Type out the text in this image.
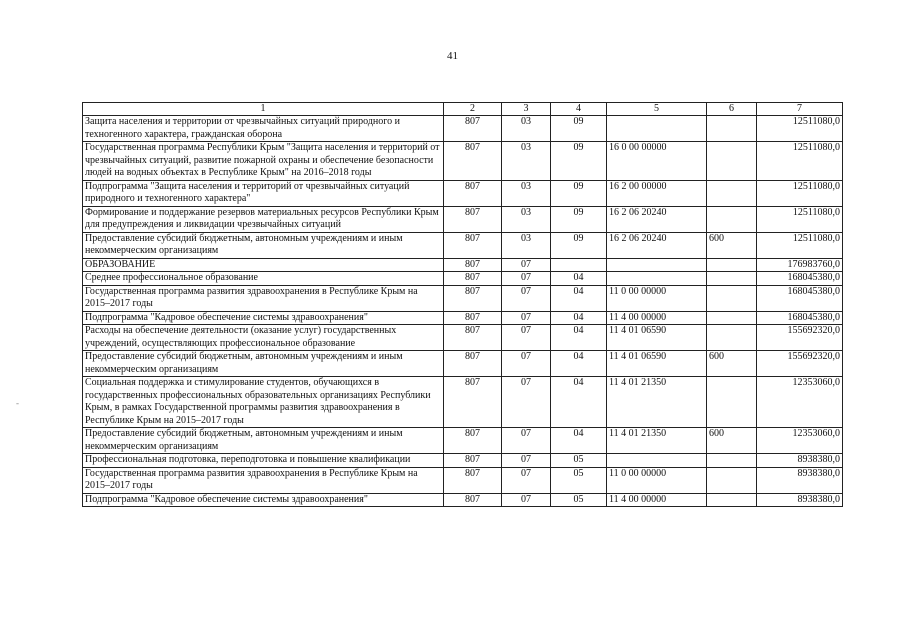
41
-
1	2	3	4	5	6	7
Защита населения и территории от чрезвычайных ситуаций природного и техногенного характера, гражданская оборона	807	03	09			12511080,0
Государственная программа Республики Крым "Защита населения и территорий от чрезвычайных ситуаций, развитие пожарной охраны и обеспечение безопасности людей на водных объектах в Республике Крым" на 2016–2018 годы	807	03	09	16 0 00 00000		12511080,0
Подпрограмма "Защита населения и территорий от чрезвычайных ситуаций природного и техногенного характера"	807	03	09	16 2 00 00000		12511080,0
Формирование и поддержание резервов материальных ресурсов Республики Крым для предупреждения и ликвидации чрезвычайных ситуаций	807	03	09	16 2 06 20240		12511080,0
Предоставление субсидий бюджетным, автономным учреждениям и иным некоммерческим организациям	807	03	09	16 2 06 20240	600	12511080,0
ОБРАЗОВАНИЕ	807	07				176983760,0
Среднее профессиональное образование	807	07	04			168045380,0
Государственная программа развития здравоохранения в Республике Крым на 2015–2017 годы	807	07	04	11 0 00 00000		168045380,0
Подпрограмма "Кадровое обеспечение системы здравоохранения"	807	07	04	11 4 00 00000		168045380,0
Расходы на обеспечение деятельности (оказание услуг) государственных учреждений, осуществляющих профессиональное образование	807	07	04	11 4 01 06590		155692320,0
Предоставление субсидий бюджетным, автономным учреждениям и иным некоммерческим организациям	807	07	04	11 4 01 06590	600	155692320,0
Социальная поддержка и стимулирование студентов, обучающихся в государственных профессиональных образовательных организациях Республики Крым, в рамках Государственной программы развития здравоохранения в Республике Крым на 2015–2017 годы	807	07	04	11 4 01 21350		12353060,0
Предоставление субсидий бюджетным, автономным учреждениям и иным некоммерческим организациям	807	07	04	11 4 01 21350	600	12353060,0
Профессиональная подготовка, переподготовка и повышение квалификации	807	07	05			8938380,0
Государственная программа развития здравоохранения в Республике Крым на 2015–2017 годы	807	07	05	11 0 00 00000		8938380,0
Подпрограмма "Кадровое обеспечение системы здравоохранения"	807	07	05	11 4 00 00000		8938380,0
